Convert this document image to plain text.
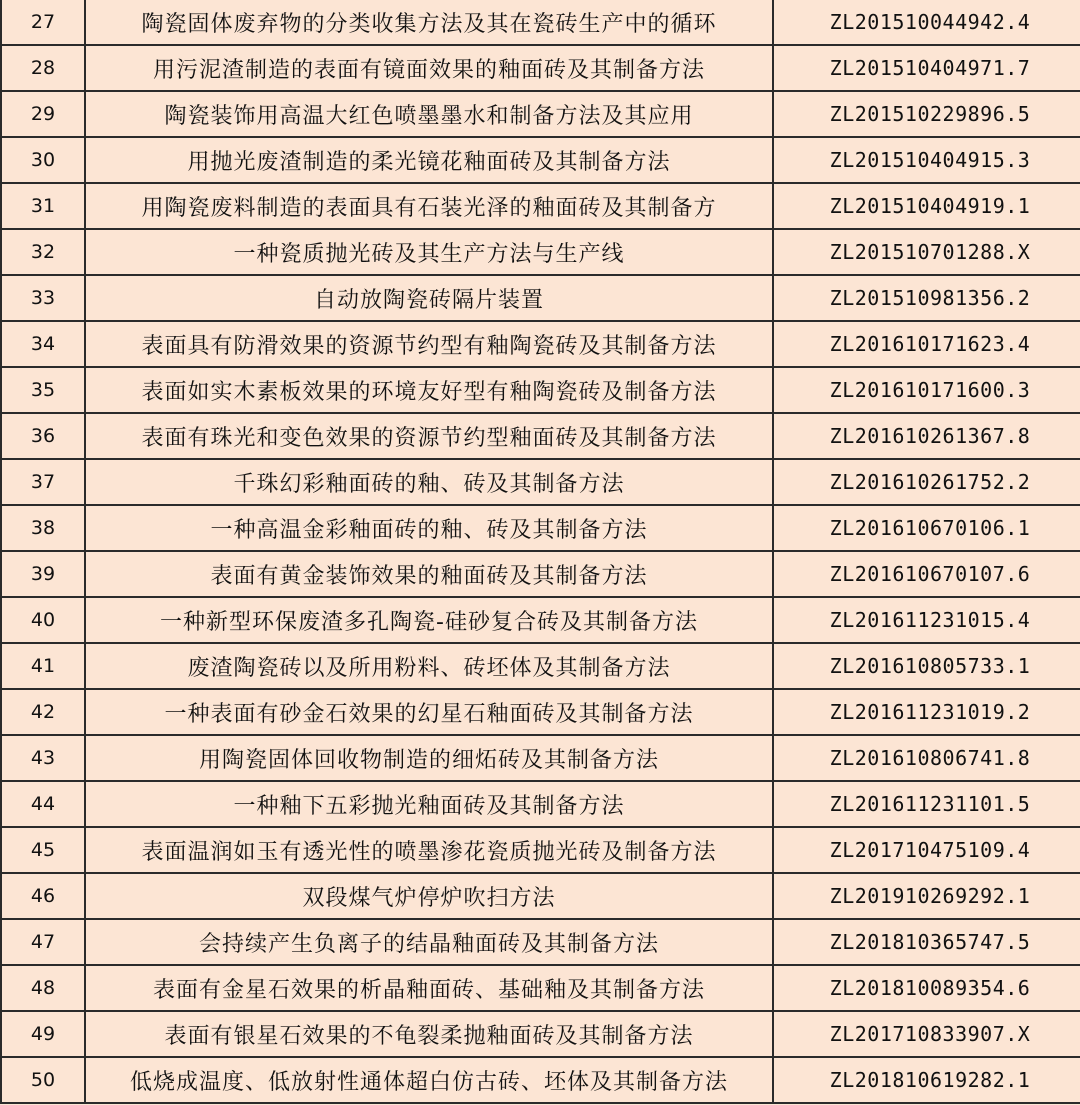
27	陶瓷固体废弃物的分类收集方法及其在瓷砖生产中的循环	ZL201510044942.4
28	用污泥渣制造的表面有镜面效果的釉面砖及其制备方法	ZL201510404971.7
29	陶瓷装饰用高温大红色喷墨墨水和制备方法及其应用	ZL201510229896.5
30	用抛光废渣制造的柔光镜花釉面砖及其制备方法	ZL201510404915.3
31	用陶瓷废料制造的表面具有石装光泽的釉面砖及其制备方	ZL201510404919.1
32	一种瓷质抛光砖及其生产方法与生产线	ZL201510701288.X
33	自动放陶瓷砖隔片装置	ZL201510981356.2
34	表面具有防滑效果的资源节约型有釉陶瓷砖及其制备方法	ZL201610171623.4
35	表面如实木素板效果的环境友好型有釉陶瓷砖及制备方法	ZL201610171600.3
36	表面有珠光和变色效果的资源节约型釉面砖及其制备方法	ZL201610261367.8
37	千珠幻彩釉面砖的釉、砖及其制备方法	ZL201610261752.2
38	一种高温金彩釉面砖的釉、砖及其制备方法	ZL201610670106.1
39	表面有黄金装饰效果的釉面砖及其制备方法	ZL201610670107.6
40	一种新型环保废渣多孔陶瓷-硅砂复合砖及其制备方法	ZL201611231015.4
41	废渣陶瓷砖以及所用粉料、砖坯体及其制备方法	ZL201610805733.1
42	一种表面有砂金石效果的幻星石釉面砖及其制备方法	ZL201611231019.2
43	用陶瓷固体回收物制造的细炻砖及其制备方法	ZL201610806741.8
44	一种釉下五彩抛光釉面砖及其制备方法	ZL201611231101.5
45	表面温润如玉有透光性的喷墨渗花瓷质抛光砖及制备方法	ZL201710475109.4
46	双段煤气炉停炉吹扫方法	ZL201910269292.1
47	会持续产生负离子的结晶釉面砖及其制备方法	ZL201810365747.5
48	表面有金星石效果的析晶釉面砖、基础釉及其制备方法	ZL201810089354.6
49	表面有银星石效果的不龟裂柔抛釉面砖及其制备方法	ZL201710833907.X
50	低烧成温度、低放射性通体超白仿古砖、坯体及其制备方法	ZL201810619282.1
